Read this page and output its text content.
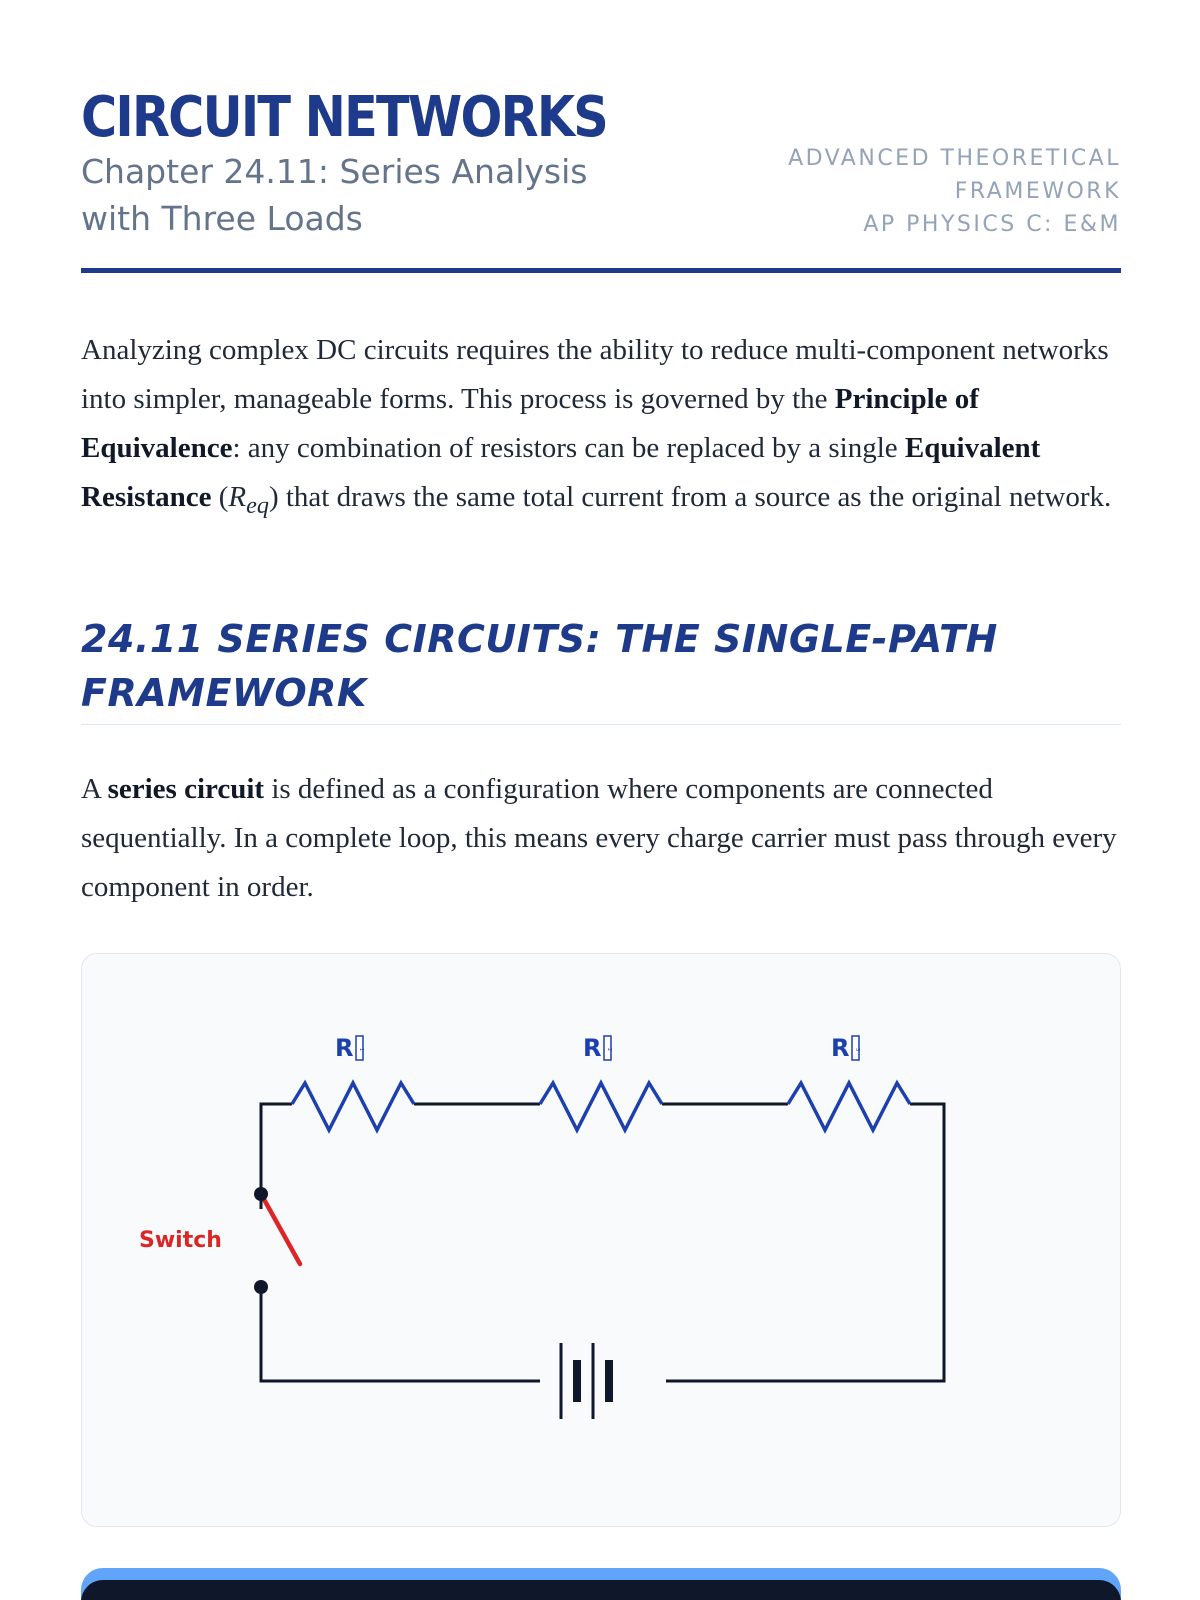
CIRCUIT NETWORKS

Chapter 24.11: Series Analysis with Three Loads

ADVANCED THEORETICAL
FRAMEWORK
AP PHYSICS C: E&M

Analyzing complex DC circuits requires the ability to reduce multi-component networks into simpler, manageable forms. This process is governed by the Principle of Equivalence: any combination of resistors can be replaced by a single Equivalent Resistance $(R_{eq})$ that draws the same total current from a source as the original network.

24.11 SERIES CIRCUITS: THE SINGLE-PATH FRAMEWORK

A series circuit is defined as a configuration where components are connected sequentially. In a complete loop, this means every charge carrier must pass through every component in order.

R 1	R 2	R 3
Switch
